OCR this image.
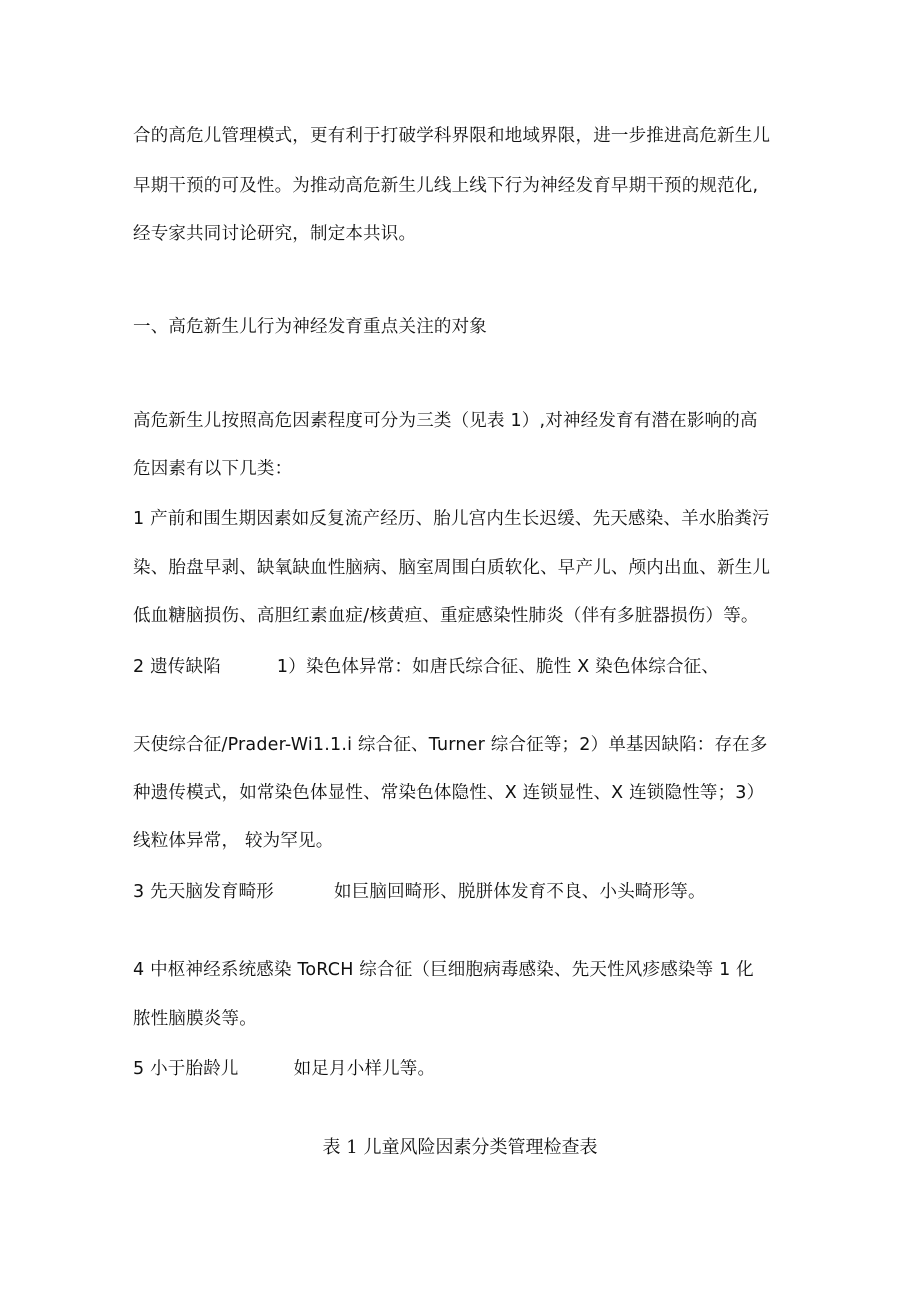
合的高危儿管理模式，更有利于打破学科界限和地域界限，进一步推进高危新生儿
早期干预的可及性。为推动高危新生儿线上线下行为神经发育早期干预的规范化,
经专家共同讨论研究，制定本共识。
一、高危新生儿行为神经发育重点关注的对象
高危新生儿按照高危因素程度可分为三类（见表 1）,对神经发育有潜在影响的高
危因素有以下几类：
1 产前和围生期因素如反复流产经历、胎儿宫内生长迟缓、先天感染、羊水胎粪污
染、胎盘早剥、缺氧缺血性脑病、脑室周围白质软化、早产儿、颅内出血、新生儿
低血糖脑损伤、高胆红素血症/核黄疸、重症感染性肺炎（伴有多脏器损伤）等。
2 遗传缺陷	1）染色体异常：如唐氏综合征、脆性 X 染色体综合征、
天使综合征/Prader-Wi1.1.i 综合征、Turner 综合征等；2）单基因缺陷：存在多
种遗传模式，如常染色体显性、常染色体隐性、X 连锁显性、X 连锁隐性等；3）
线粒体异常， 较为罕见。
3 先天脑发育畸形	如巨脑回畸形、脱胼体发育不良、小头畸形等。
4 中枢神经系统感染 ToRCH 综合征（巨细胞病毒感染、先天性风疹感染等 1 化
脓性脑膜炎等。
5 小于胎龄儿	如足月小样儿等。
表 1 儿童风险因素分类管理检查表
